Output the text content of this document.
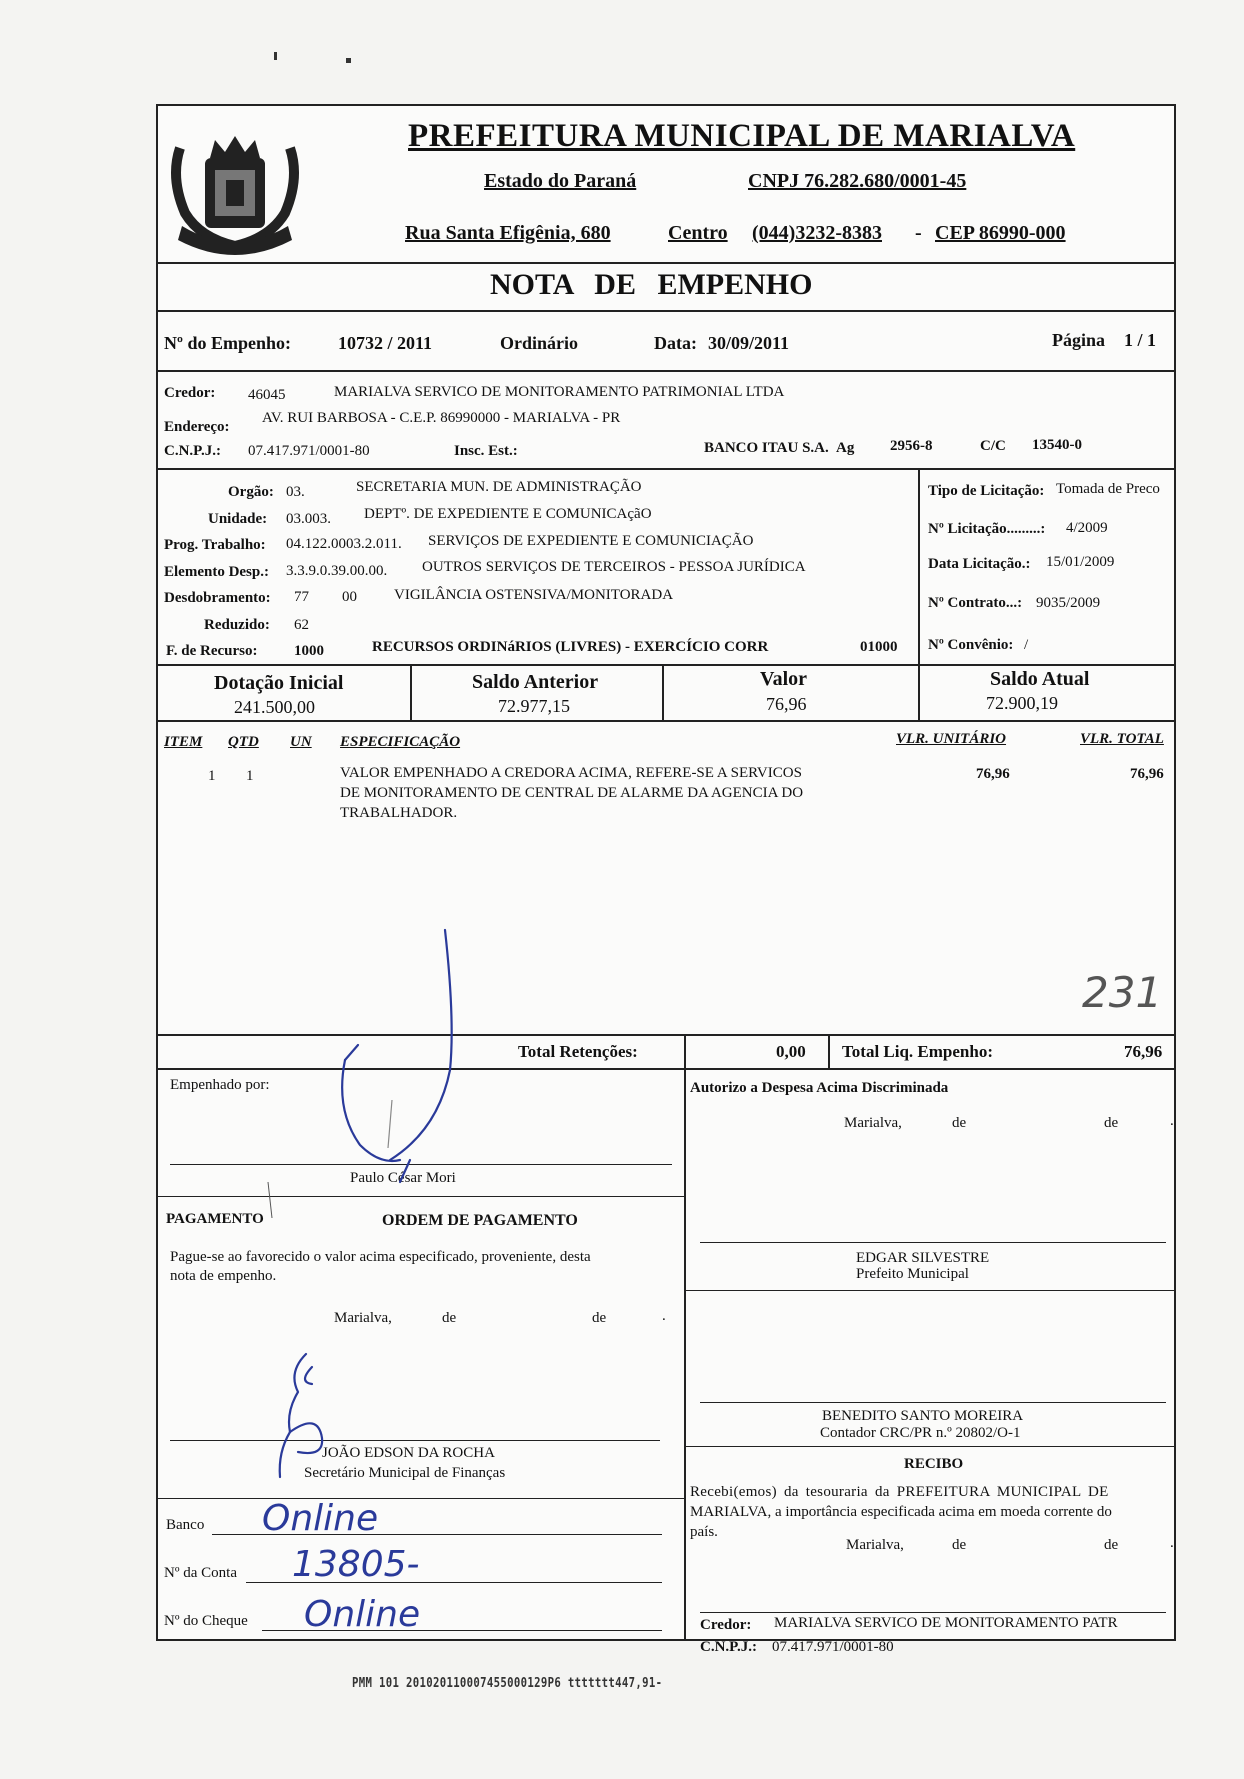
PREFEITURA MUNICIPAL DE MARIALVA
Estado do Paraná	CNPJ 76.282.680/0001-45
Rua Santa Efigênia, 680	Centro (044)3232-8383 - CEP 86990-000
NOTA DE EMPENHO
Nº do Empenho:	10732 / 2011	Ordinário	Data: 30/09/2011	Página 1 / 1
Credor: 46045	MARIALVA SERVICO DE MONITORAMENTO PATRIMONIAL LTDA
Endereço:
AV. RUI BARBOSA - C.E.P. 86990000 - MARIALVA - PR
C.N.P.J.: 07.417.971/0001-80	Insc. Est.:	BANCO ITAU S.A. Ag 2956-8	C/C 13540-0
Orgão: 03.	SECRETARIA MUN. DE ADMINISTRAÇÃO
Unidade: 03.003. DEPTº. DE EXPEDIENTE E COMUNICAçãO
Prog. Trabalho: 04.122.0003.2.011. SERVIÇOS DE EXPEDIENTE E COMUNICIAÇÃO
Elemento Desp.: 3.3.9.0.39.00.00. OUTROS SERVIÇOS DE TERCEIROS - PESSOA JURÍDICA
Desdobramento: 77 00 VIGILÂNCIA OSTENSIVA/MONITORADA
Reduzido: 62
F. de Recurso: 1000	RECURSOS ORDINáRIOS (LIVRES) - EXERCÍCIO CORR	01000
Tipo de Licitação: Tomada de Preco
Nº Licitação.........: 4/2009
Data Licitação.: 15/01/2009
Nº Contrato...: 9035/2009
Nº Convênio: /
Dotação Inicial
241.500,00
Saldo Anterior
72.977,15
Valor
76,96
Saldo Atual
72.900,19
ITEM QTD UN ESPECIFICAÇÃO	VLR. UNITÁRIO	VLR. TOTAL
1 1	VALOR EMPENHADO A CREDORA ACIMA, REFERE-SE A SERVICOS
DE MONITORAMENTO DE CENTRAL DE ALARME DA AGENCIA DO
TRABALHADOR.
76,96	76,96
231
Total Retenções:	0,00 Total Liq. Empenho:	76,96
Empenhado por:
Paulo César Mori
Autorizo a Despesa Acima Discriminada
Marialva,	de	de	.
PAGAMENTO	ORDEM DE PAGAMENTO
Pague-se ao favorecido o valor acima especificado, proveniente, desta
nota de empenho.
Marialva,	de	de	.
JOÃO EDSON DA ROCHA
Secretário Municipal de Finanças
EDGAR SILVESTRE
Prefeito Municipal
BENEDITO SANTO MOREIRA
Contador CRC/PR n.º 20802/O-1
RECIBO
Recebi(emos) da tesouraria da PREFEITURA MUNICIPAL DE
MARIALVA, a importância especificada acima em moeda corrente do
país.
Marialva,	de	de	.
Banco Online
Nº da Conta 13805-
Nº do Cheque Online	Credor: MARIALVA SERVICO DE MONITORAMENTO PATR
C.N.P.J.: 07.417.971/0001-80
PMM 101 201020110007455000129P6 ttttttt447,91-
